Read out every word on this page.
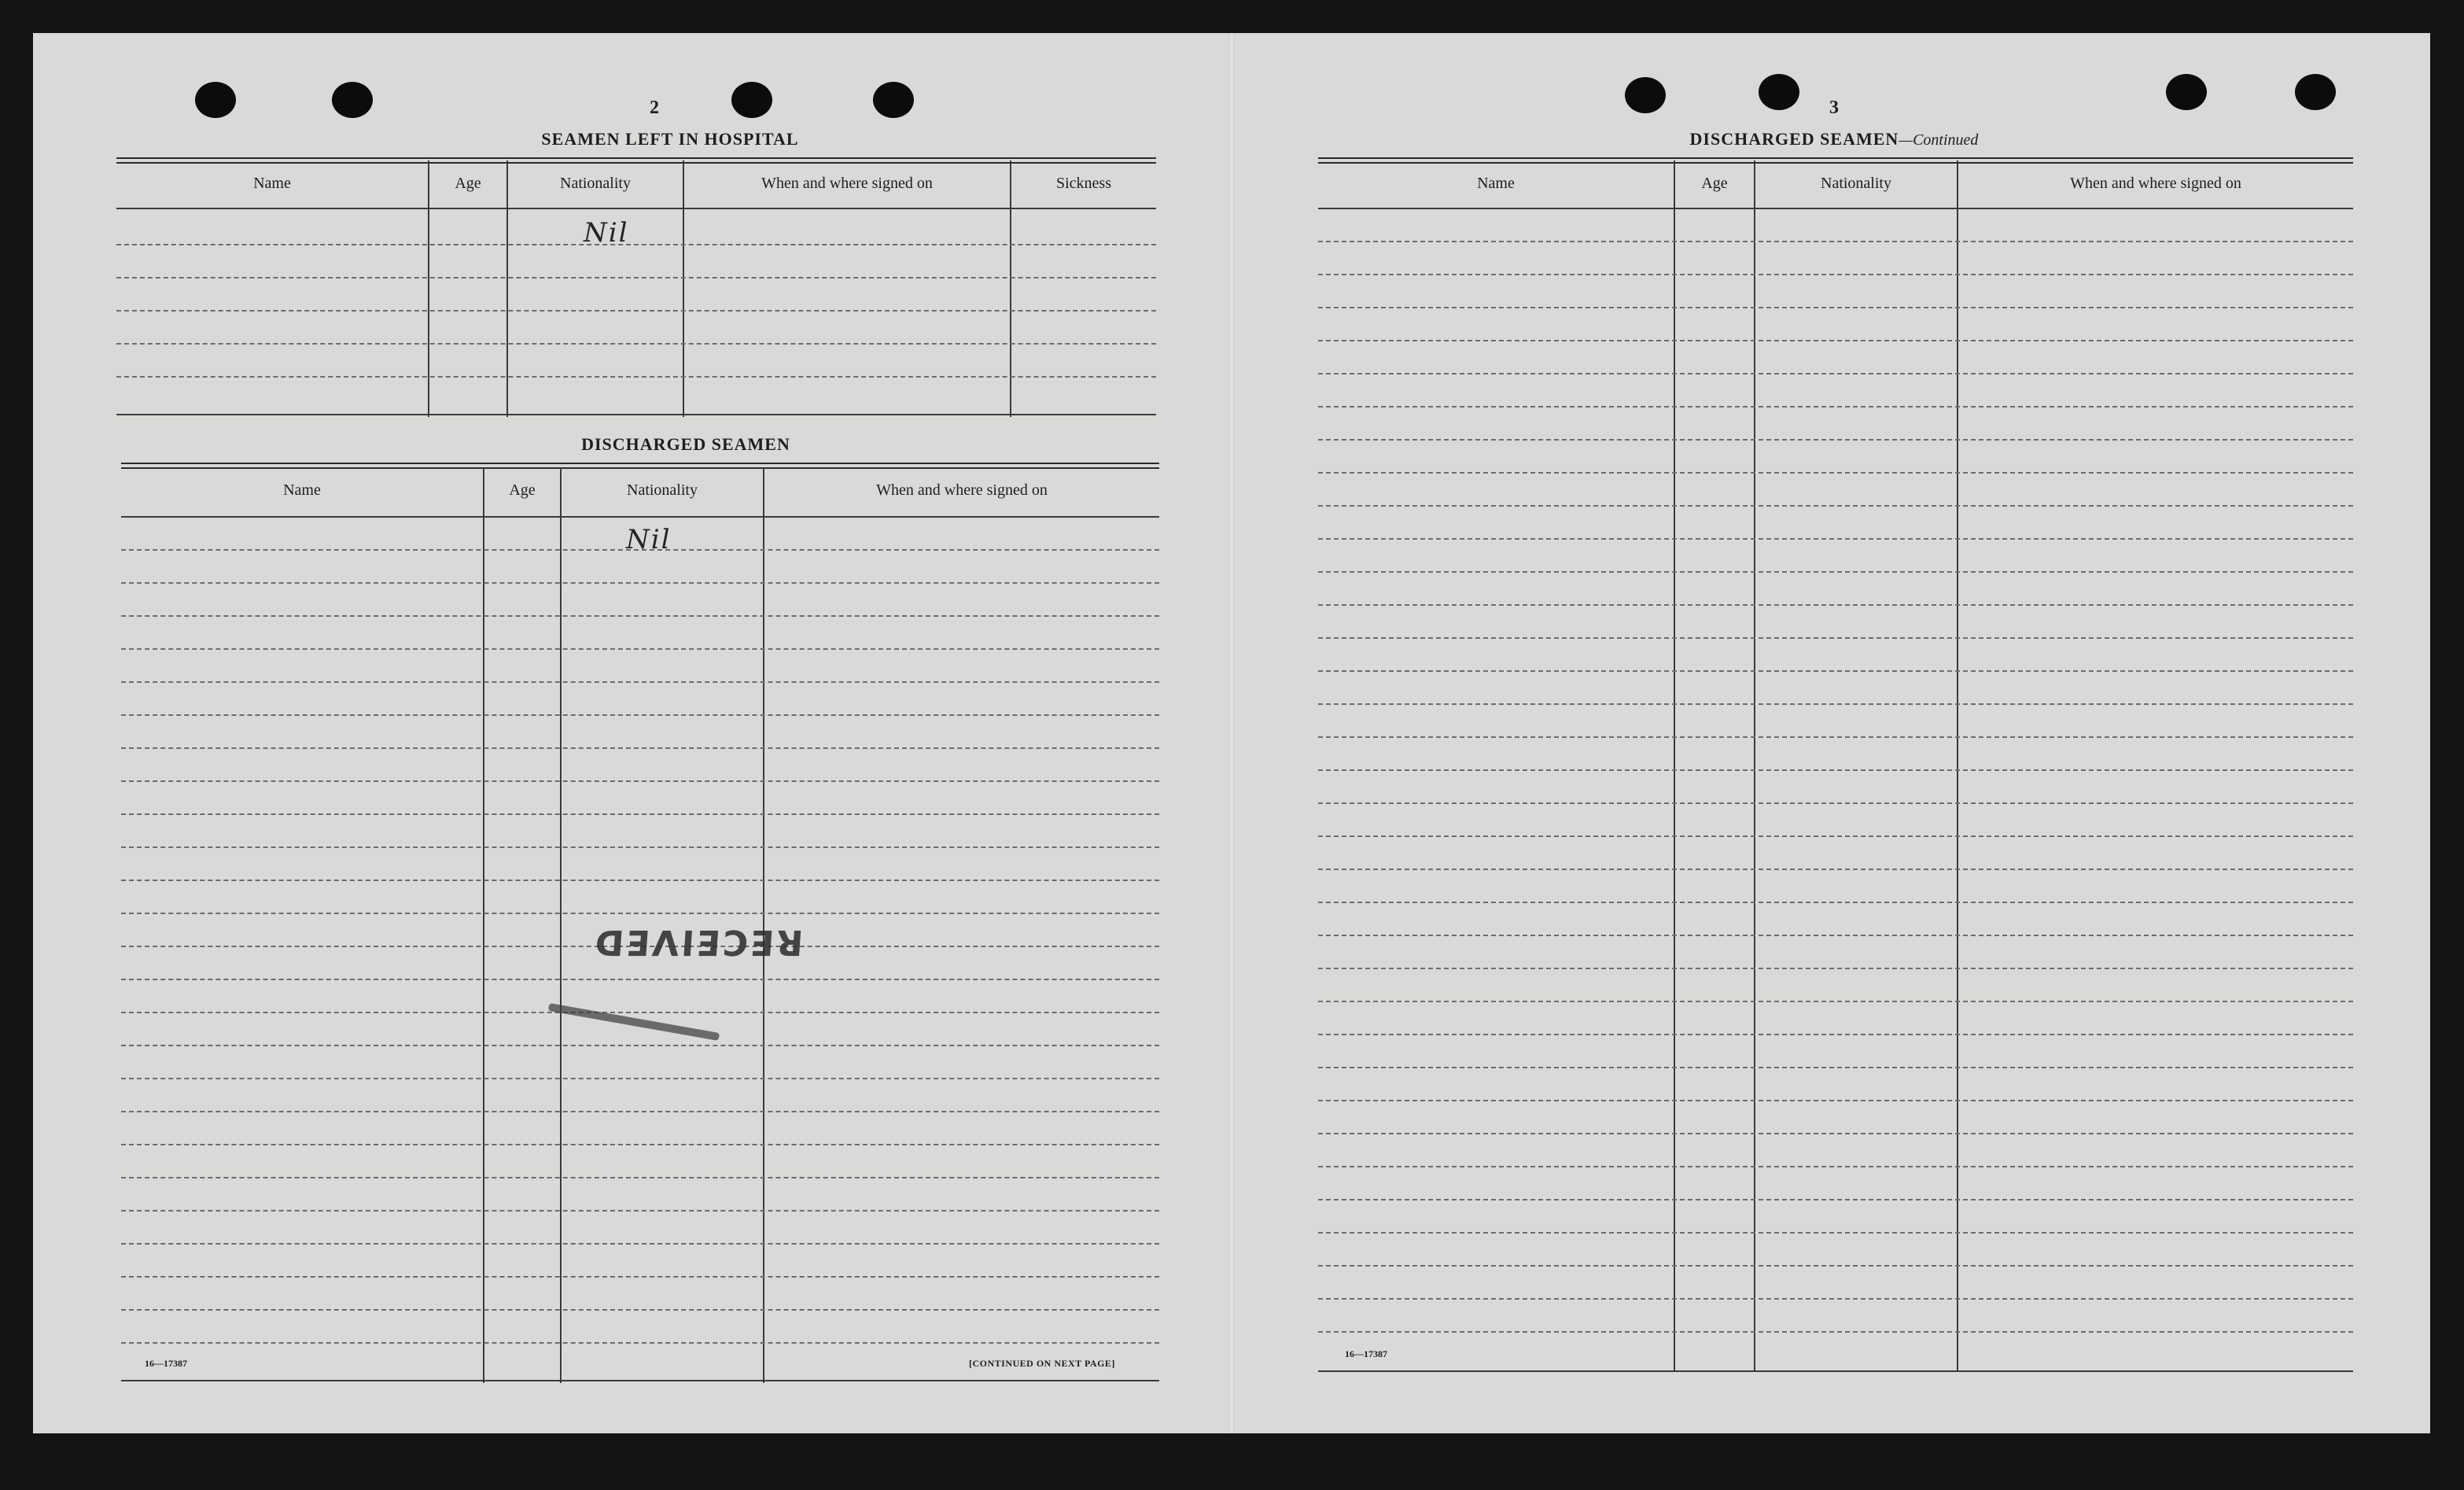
2
SEAMEN LEFT IN HOSPITAL
Name	Age	Nationality	When and where signed on	Sickness
Nil
DISCHARGED SEAMEN
Name	Age	Nationality	When and where signed on
Nil
RECEIVED
16—17387	[CONTINUED ON NEXT PAGE]
3
DISCHARGED SEAMEN—Continued
Name	Age	Nationality	When and where signed on
16—17387
